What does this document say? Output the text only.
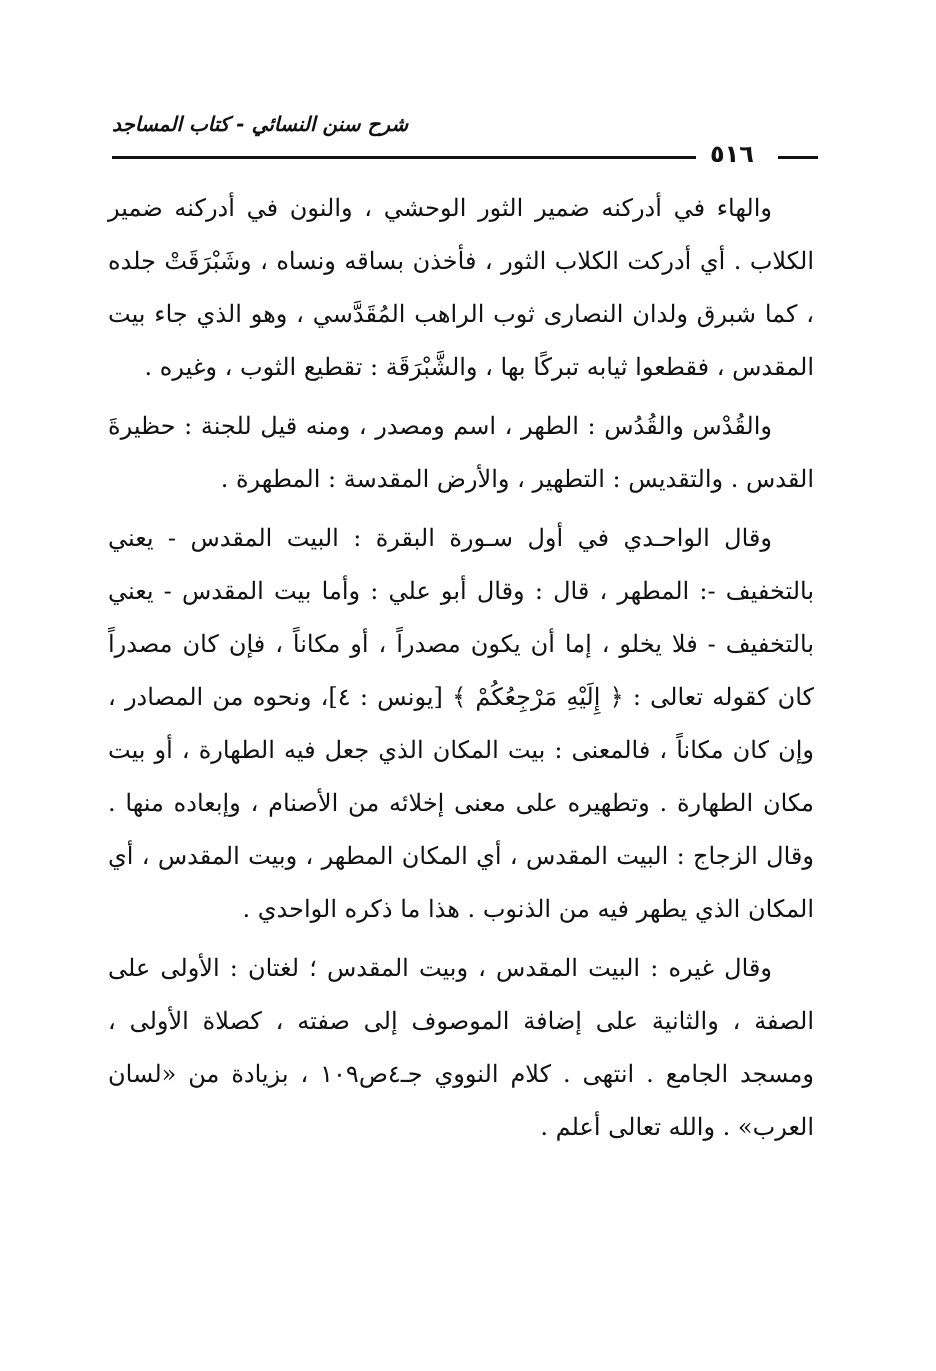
شرح سنن النسائي - كتاب المساجد
٥١٦

والهاء في أدركنه ضمير الثور الوحشي ، والنون في أدركنه ضمير الكلاب . أي أدركت الكلاب الثور ، فأخذن بساقه ونساه ، وشَبْرَقَتْ جلده ، كما شبرق ولدان النصارى ثوب الراهب المُقَدَّسي ، وهو الذي جاء بيت المقدس ، فقطعوا ثيابه تبركًا بها ، والشَّبْرَقَة : تقطيع الثوب ، وغيره .

والقُدْس والقُدُس : الطهر ، اسم ومصدر ، ومنه قيل للجنة : حظيرةَ القدس . والتقديس : التطهير ، والأرض المقدسة : المطهرة .

وقال الواحـدي في أول سـورة البقرة : البيت المقدس - يعني بالتخفيف -: المطهر ، قال : وقال أبو علي : وأما بيت المقدس - يعني بالتخفيف - فلا يخلو ، إما أن يكون مصدراً ، أو مكاناً ، فإن كان مصدراً كان كقوله تعالى : ﴿ إِلَيْهِ مَرْجِعُكُمْ ﴾ [يونس : ٤]، ونحوه من المصادر ، وإن كان مكاناً ، فالمعنى : بيت المكان الذي جعل فيه الطهارة ، أو بيت مكان الطهارة . وتطهيره على معنى إخلائه من الأصنام ، وإبعاده منها . وقال الزجاج : البيت المقدس ، أي المكان المطهر ، وبيت المقدس ، أي المكان الذي يطهر فيه من الذنوب . هذا ما ذكره الواحدي .

وقال غيره : البيت المقدس ، وبيت المقدس ؛ لغتان : الأولى على الصفة ، والثانية على إضافة الموصوف إلى صفته ، كصلاة الأولى ، ومسجد الجامع . انتهى . كلام النووي جـ٤ص١٠٩ ، بزيادة من «لسان العرب» . والله تعالى أعلم .
